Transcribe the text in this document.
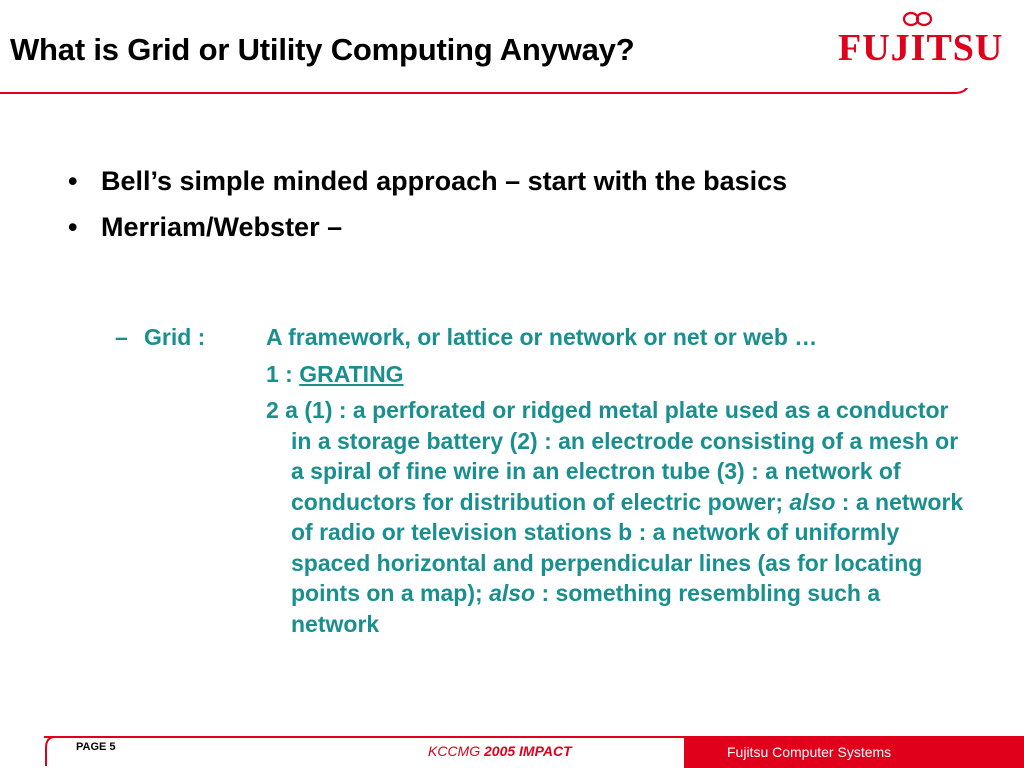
What is Grid or Utility Computing Anyway?	FUJITSU
• Bell’s simple minded approach – start with the basics
• Merriam/Webster –
– Grid :	A framework, or lattice or network or net or web …
1 : GRATING
2 a (1) : a perforated or ridged metal plate used as a conductor in a storage battery (2) : an electrode consisting of a mesh or a spiral of fine wire in an electron tube (3) : a network of conductors for distribution of electric power; also : a network of radio or television stations b : a network of uniformly spaced horizontal and perpendicular lines (as for locating points on a map); also : something resembling such a network
PAGE 5	KCCMG 2005 IMPACT	Fujitsu Computer Systems
